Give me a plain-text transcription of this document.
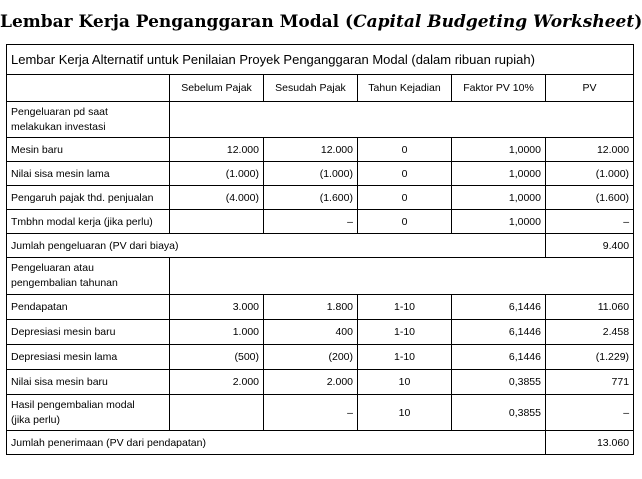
Lembar Kerja Penganggaran Modal (Capital Budgeting Worksheet)
Lembar Kerja Alternatif untuk Penilaian Proyek Penganggaran Modal (dalam ribuan rupiah)					
	Sebelum Pajak	Sesudah Pajak	Tahun Kejadian	Faktor PV 10%	PV
Pengeluaran pd saat
melakukan investasi					
Mesin baru	12.000	12.000	0	1,0000	12.000
Nilai sisa mesin lama	(1.000)	(1.000)	0	1,0000	(1.000)
Pengaruh pajak thd. penjualan	(4.000)	(1.600)	0	1,0000	(1.600)
Tmbhn modal kerja (jika perlu)		–	0	1,0000	–
Jumlah pengeluaran (PV dari biaya)					9.400
Pengeluaran atau
pengembalian tahunan					
Pendapatan	3.000	1.800	1-10	6,1446	11.060
Depresiasi mesin baru	1.000	400	1-10	6,1446	2.458
Depresiasi mesin lama	(500)	(200)	1-10	6,1446	(1.229)
Nilai sisa mesin baru	2.000	2.000	10	0,3855	771
Hasil pengembalian modal
(jika perlu)		–	10	0,3855	–
Jumlah penerimaan (PV dari pendapatan)					13.060
